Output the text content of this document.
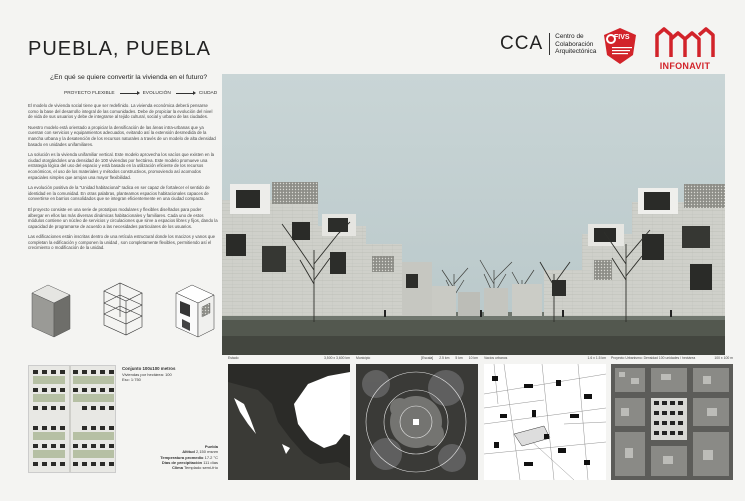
PUEBLA, PUEBLA	CCA	Centro de Colaboración Arquitectónica
FIVS
INFONAVIT
¿En qué se quiere convertir la vivienda en el futuro?
PROYECTO FLEXIBLE	EVOLUCIÓN	CIUDAD

El modelo de vivienda social tiene que ser redefinido. La vivienda económica deberá pensarse como la base del desarrollo integral de las comunidades. Debe de propiciar la evolución del nivel de vida de sus usuarios y debe de integrarse al tejido cultural, social y urbano de las ciudades.

Nuestro modelo está orientado a propiciar la densificación de las áreas intra-urbanas que ya cuentan con servicios y equipamientos adecuados, evitando así la extensión desmedida de la mancha urbana y la desatención de los recursos naturales a través de un modelo de alta densidad basado en unidades unifamiliares.

La solución es la vivienda unifamiliar vertical. Este modelo aprovecha los vacíos que existen en la ciudad otorgándoles una densidad de 100 viviendas por hectárea. Este modelo promueve una estrategia lógica del uso del espacio y está basado en la utilización eficiente de los recursos económicos, el uso de los materiales y métodos constructivos, promoviendo así acomodos espaciales simples que arrojan una mayor flexibilidad.

La evolución positiva de la "Unidad habitacional" radica en ser capaz de fortalecer el sentido de identidad en la comunidad. En otras palabras, planteamos espacios habitacionales capaces de convertirse en barrios consolidados que se integran eficientemente en una ciudad compacta.

El proyecto consiste en una serie de prototipos modulares y flexibles diseñados para poder albergar en ellos las más diversas dinámicas habitacionales y familiares. Cada uno de estos módulos contiene un núcleo de servicios y circulaciones que sirve a espacios libres y fijos, dando la capacidad de programarse de acuerdo a las necesidades particulares de los usuarios.

Las edificaciones están inscritas dentro de una retícula estructural donde los macizos y vanos que completan la edificación y componen la unidad , son completamente flexibles, permitiendo así el crecimiento o modificación de la unidad.

Conjunto 100x100 metros
Viviendas por hectárea: 100
Esc: 1:750
Puebla
Altitud 2,150 msnm
Temperatura promedio 17.2 °C
Días de precipitación 111 días
Clima Templado semi-frío
Estado	3,500 x 3,600 km Municipio	[Escala] 2.5 km 5 km 10 km Vacíos urbanos	1.6 x 1.5 km Proyecto Urbanismo: Densidad 100 unidades / hectárea	100 x 100 m
